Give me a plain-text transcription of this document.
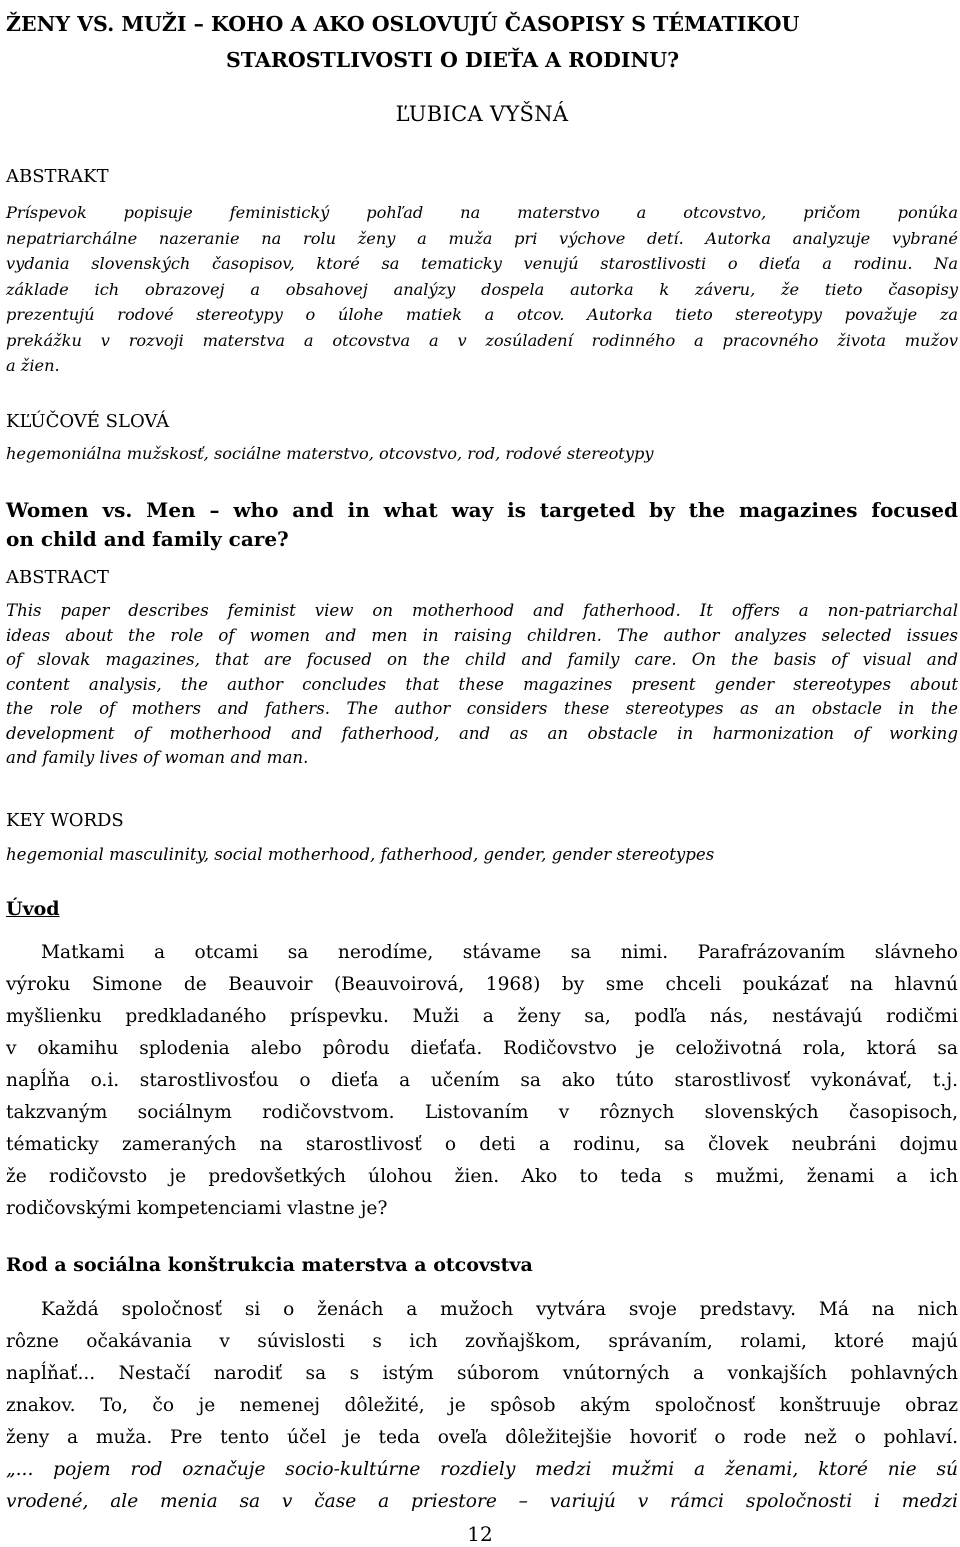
ŽENY VS. MUŽI – KOHO A AKO OSLOVUJÚ ČASOPISY S TÉMATIKOU
STAROSTLIVOSTI O DIEŤA A RODINU?
ĽUBICA VYŠNÁ
ABSTRAKT
Príspevok popisuje feministický pohľad na materstvo a otcovstvo, pričom ponúka
nepatriarchálne nazeranie na rolu ženy a muža pri výchove detí. Autorka analyzuje vybrané
vydania slovenských časopisov, ktoré sa tematicky venujú starostlivosti o dieťa a rodinu. Na
základe ich obrazovej a obsahovej analýzy dospela autorka k záveru, že tieto časopisy
prezentujú rodové stereotypy o úlohe matiek a otcov. Autorka tieto stereotypy považuje za
prekážku v rozvoji materstva a otcovstva a v zosúladení rodinného a pracovného života mužov
a žien.
KĽÚČOVÉ SLOVÁ
hegemoniálna mužskosť, sociálne materstvo, otcovstvo, rod, rodové stereotypy
Women vs. Men – who and in what way is targeted by the magazines focused
on child and family care?
ABSTRACT
This paper describes feminist view on motherhood and fatherhood. It offers a non-patriarchal
ideas about the role of women and men in raising children. The author analyzes selected issues
of slovak magazines, that are focused on the child and family care. On the basis of visual and
content analysis, the author concludes that these magazines present gender stereotypes about
the role of mothers and fathers. The author considers these stereotypes as an obstacle in the
development of motherhood and fatherhood, and as an obstacle in harmonization of working
and family lives of woman and man.
KEY WORDS
hegemonial masculinity, social motherhood, fatherhood, gender, gender stereotypes
Úvod
Matkami a otcami sa nerodíme, stávame sa nimi. Parafrázovaním slávneho
výroku Simone de Beauvoir (Beauvoirová, 1968) by sme chceli poukázať na hlavnú
myšlienku predkladaného príspevku. Muži a ženy sa, podľa nás, nestávajú rodičmi
v okamihu splodenia alebo pôrodu dieťaťa. Rodičovstvo je celoživotná rola, ktorá sa
napĺňa o.i. starostlivosťou o dieťa a učením sa ako túto starostlivosť vykonávať, t.j.
takzvaným sociálnym rodičovstvom. Listovaním v rôznych slovenských časopisoch,
tématicky zameraných na starostlivosť o deti a rodinu, sa človek neubráni dojmu
že rodičovsto je predovšetkých úlohou žien. Ako to teda s mužmi, ženami a ich
rodičovskými kompetenciami vlastne je?
Rod a sociálna konštrukcia materstva a otcovstva
Každá spoločnosť si o ženách a mužoch vytvára svoje predstavy. Má na nich
rôzne očakávania v súvislosti s ich zovňajškom, správaním, rolami, ktoré majú
napĺňať... Nestačí narodiť sa s istým súborom vnútorných a vonkajších pohlavných
znakov. To, čo je nemenej dôležité, je spôsob akým spoločnosť konštruuje obraz
ženy a muža. Pre tento účel je teda oveľa dôležitejšie hovoriť o rode než o pohlaví.
„... pojem rod označuje socio-kultúrne rozdiely medzi mužmi a ženami, ktoré nie sú
vrodené, ale menia sa v čase a priestore – variujú v rámci spoločnosti i medzi
12
